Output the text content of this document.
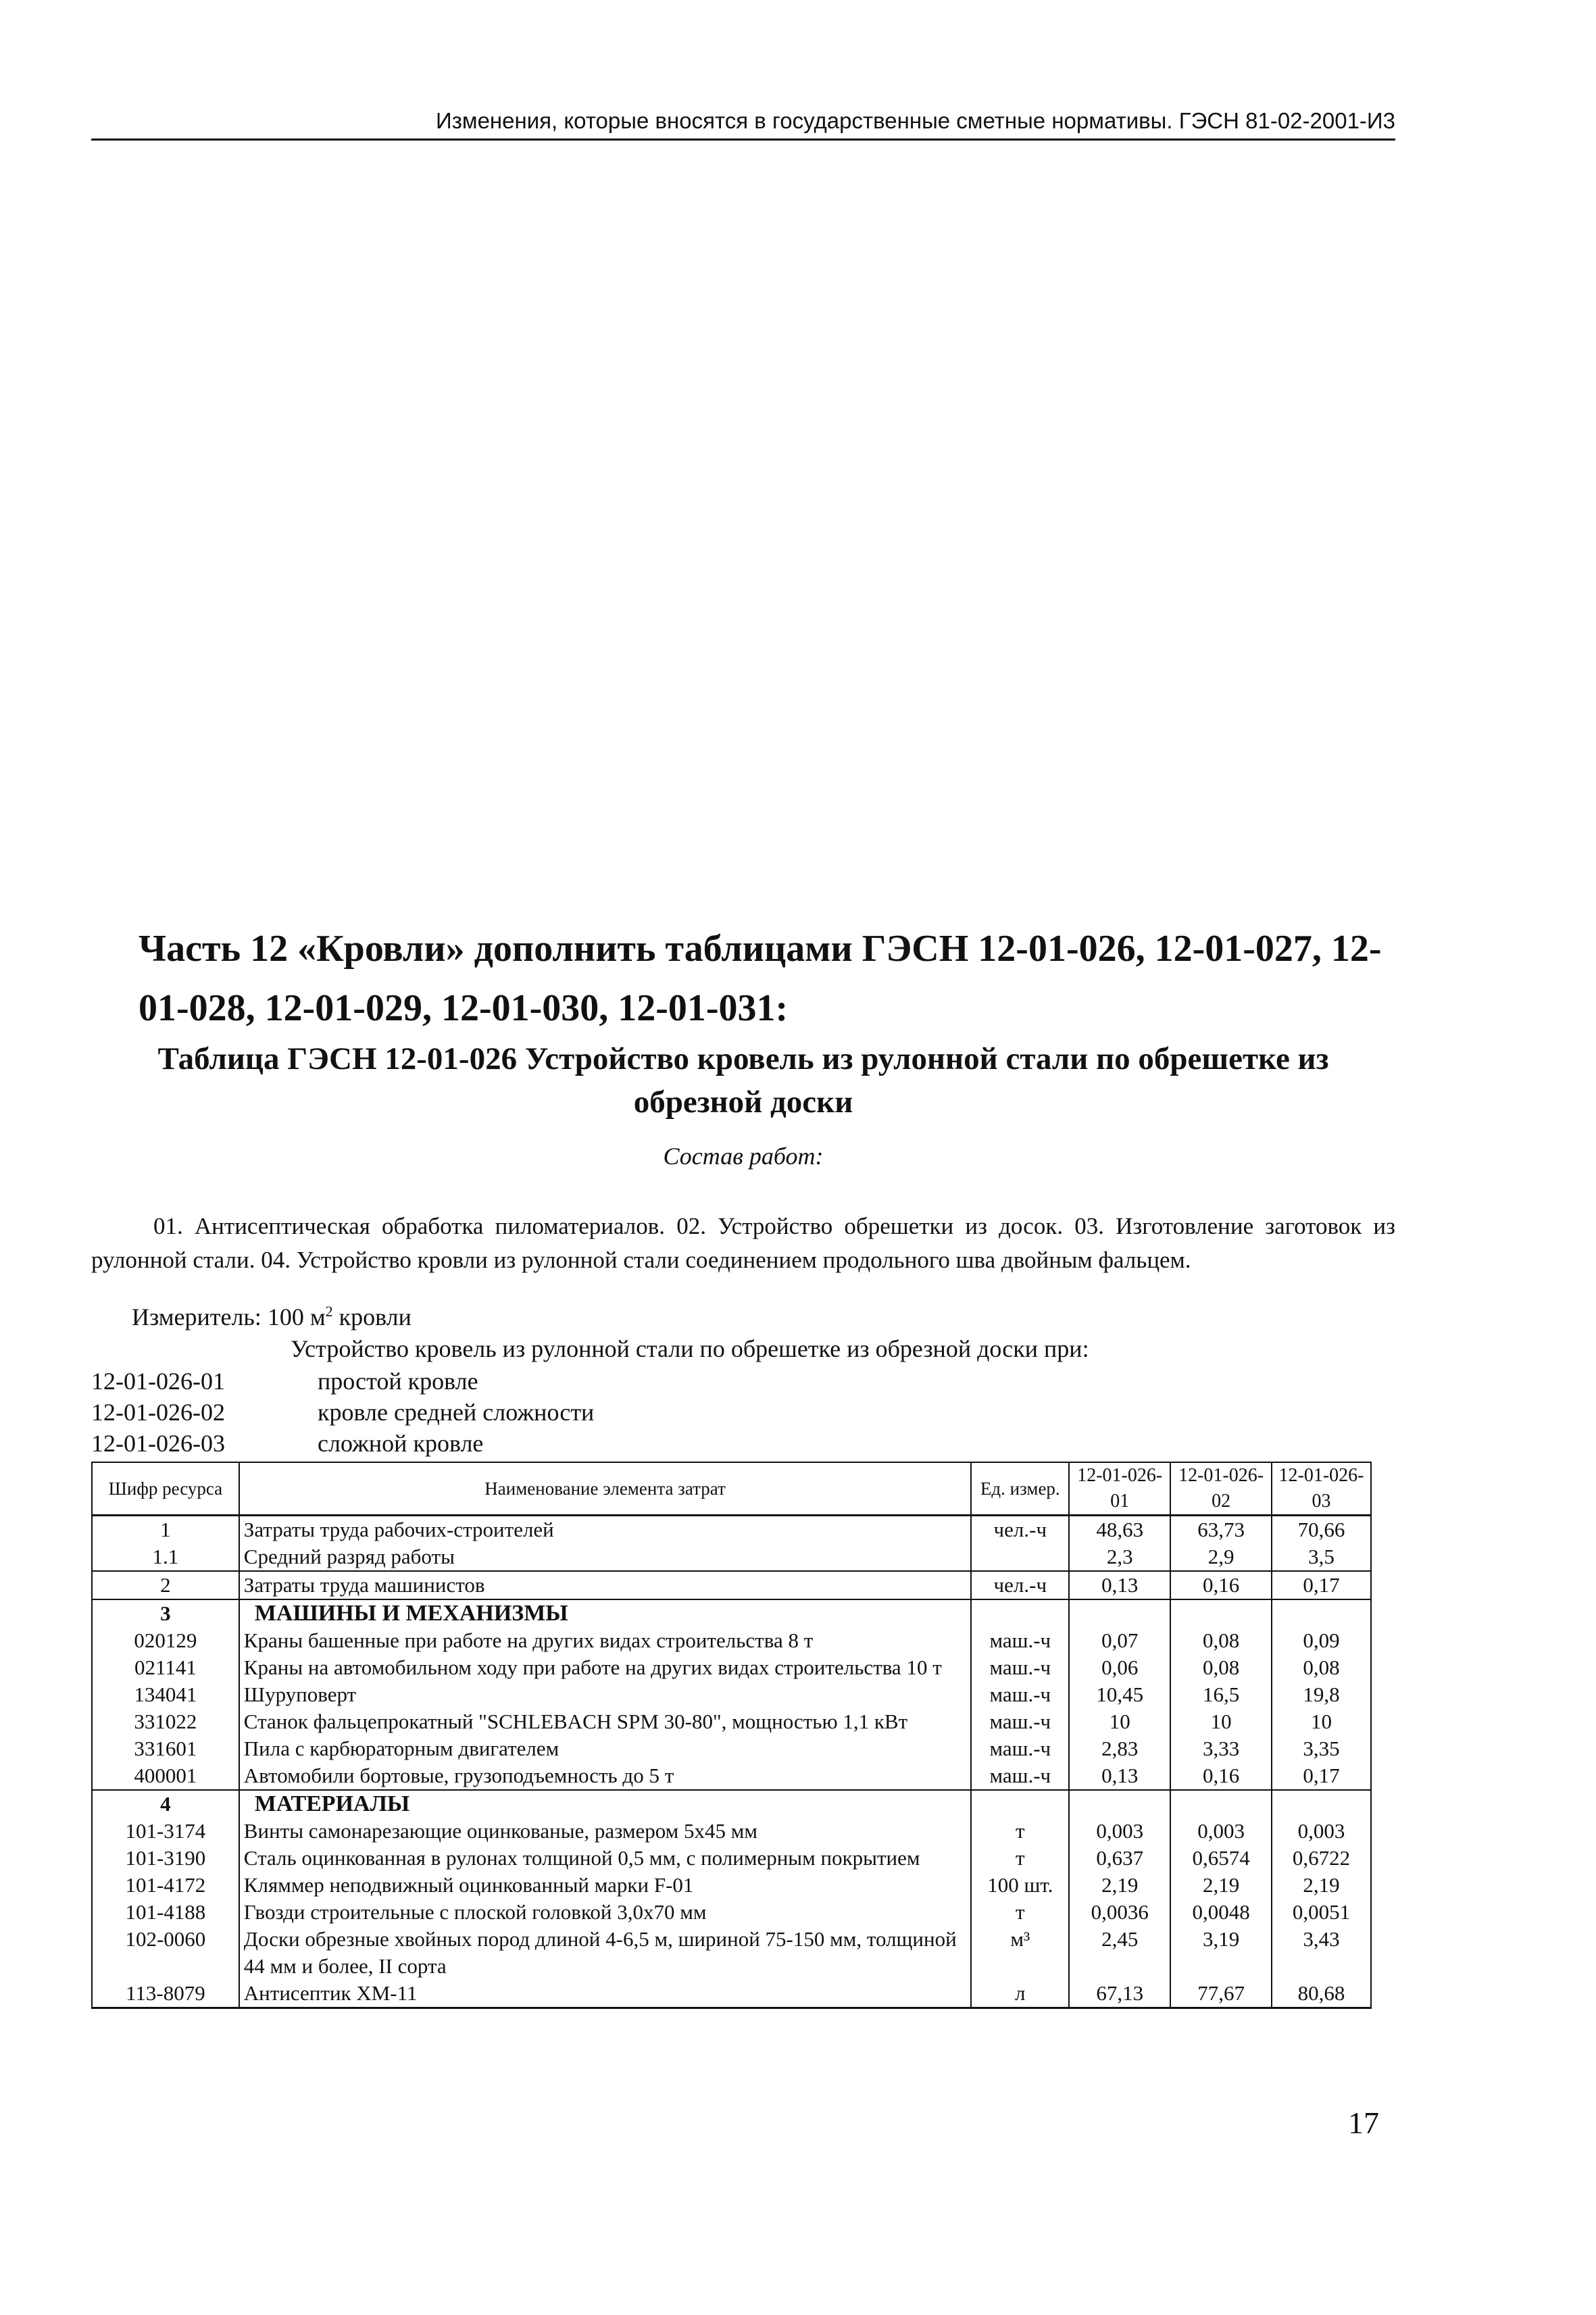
Изменения, которые вносятся в государственные сметные нормативы. ГЭСН 81-02-2001-И3
Часть 12 «Кровли» дополнить таблицами ГЭСН 12-01-026, 12-01-027, 12-01-028, 12-01-029, 12-01-030, 12-01-031:
Таблица ГЭСН 12-01-026 Устройство кровель из рулонной стали по обрешетке из обрезной доски
Состав работ:
01. Антисептическая обработка пиломатериалов. 02. Устройство обрешетки из досок. 03. Изготовление заготовок из рулонной стали. 04. Устройство кровли из рулонной стали соединением продольного шва двойным фальцем.
Измеритель: 100 $м^2$ кровли
Устройство кровель из рулонной стали по обрешетке из обрезной доски при:
12-01-026-01	простой кровле
12-01-026-02	кровле средней сложности
12-01-026-03	сложной кровле
Шифр ресурса	Наименование элемента затрат	Ед. измер.	12-01-026-01	12-01-026-02	12-01-026-03
1	Затраты труда рабочих-строителей	чел.-ч	48,63	63,73	70,66
1.1	Средний разряд работы		2,3	2,9	3,5
2	Затраты труда машинистов	чел.-ч	0,13	0,16	0,17
3	МАШИНЫ И МЕХАНИЗМЫ				
020129	Краны башенные при работе на других видах строительства 8 т	маш.-ч	0,07	0,08	0,09
021141	Краны на автомобильном ходу при работе на других видах строительства 10 т	маш.-ч	0,06	0,08	0,08
134041	Шуруповерт	маш.-ч	10,45	16,5	19,8
331022	Станок фальцепрокатный "SCHLEBACH SPM 30-80", мощностью 1,1 кВт	маш.-ч	10	10	10
331601	Пила с карбюраторным двигателем	маш.-ч	2,83	3,33	3,35
400001	Автомобили бортовые, грузоподъемность до 5 т	маш.-ч	0,13	0,16	0,17
4	МАТЕРИАЛЫ				
101-3174	Винты самонарезающие оцинкованые, размером 5х45 мм	т	0,003	0,003	0,003
101-3190	Сталь оцинкованная в рулонах толщиной 0,5 мм, с полимерным покрытием	т	0,637	0,6574	0,6722
101-4172	Кляммер неподвижный оцинкованный марки F-01	100 шт.	2,19	2,19	2,19
101-4188	Гвозди строительные с плоской головкой 3,0х70 мм	т	0,0036	0,0048	0,0051
102-0060	Доски обрезные хвойных пород длиной 4-6,5 м, шириной 75-150 мм, толщиной 44 мм и более, II сорта	м³	2,45	3,19	3,43
113-8079	Антисептик ХМ-11	л	67,13	77,67	80,68
17
